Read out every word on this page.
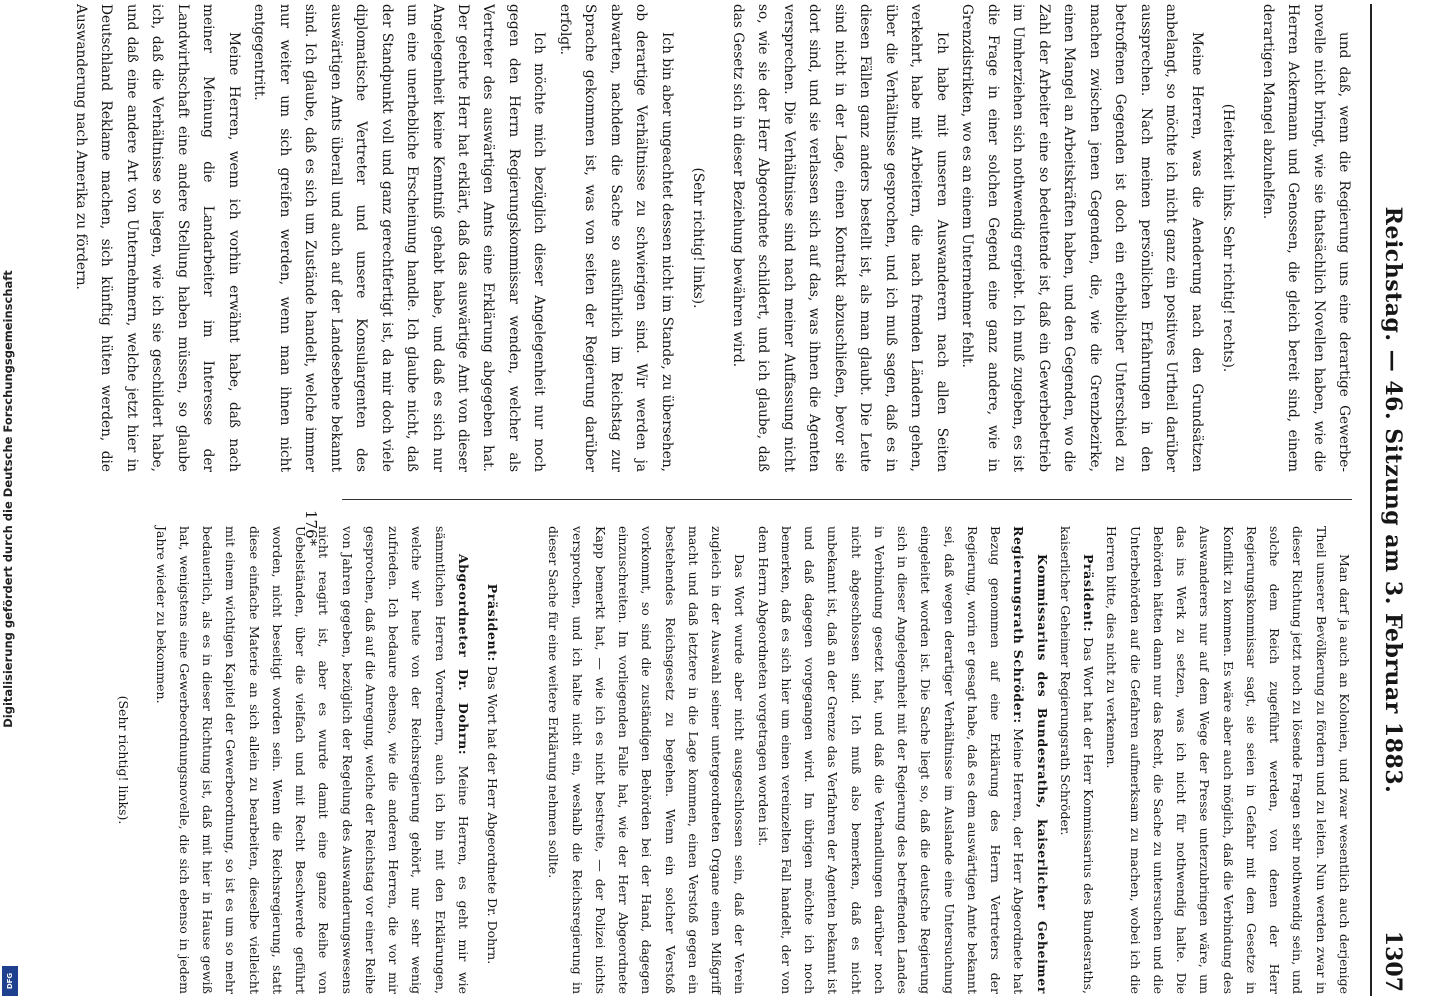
Reichstag. — 46. Sitzung am 3. Februar 1883.
1307

und daß, wenn die Regierung uns eine derartige Gewerbe-novelle nicht bringt, wie sie thatsächlich Novellen haben, wie die Herren Ackermann und Genossen, die gleich bereit sind, einem derartigen Mangel abzuhelfen.

(Heiterkeit links. Sehr richtig! rechts).

Meine Herren, was die Aenderung nach den Grundsätzen anbelangt, so möchte ich nicht ganz ein positives Urtheil darüber aussprechen. Nach meinen persönlichen Erfahrungen in den betroffenen Gegenden ist doch ein erheblicher Unterschied zu machen zwischen jenen Gegenden, die, wie die Grenzbezirke, einen Mangel an Arbeitskräften haben, und den Gegenden, wo die Zahl der Arbeiter eine so bedeutende ist, daß ein Gewerbebetrieb im Umherziehen sich nothwendig ergiebt. Ich muß zugeben, es ist die Frage in einer solchen Gegend eine ganz andere, wie in Grenzdistrikten, wo es an einem Unternehmer fehlt.

Ich habe mit unseren Auswanderern nach allen Seiten verkehrt, habe mit Arbeitern, die nach fremden Ländern gehen, über die Verhältnisse gesprochen, und ich muß sagen, daß es in diesen Fällen ganz anders bestellt ist, als man glaubt. Die Leute sind nicht in der Lage, einen Kontrakt abzuschließen, bevor sie dort sind, und sie verlassen sich auf das, was ihnen die Agenten versprechen. Die Verhältnisse sind nach meiner Auffassung nicht so, wie sie der Herr Abgeordnete schildert, und ich glaube, daß das Gesetz sich in dieser Beziehung bewähren wird.

(Sehr richtig! links).

Ich bin aber ungeachtet dessen nicht im Stande, zu übersehen, ob derartige Verhältnisse zu schwierigen sind. Wir werden ja abwarten, nachdem die Sache so ausführlich im Reichstag zur Sprache gekommen ist, was von seiten der Regierung darüber erfolgt.

Ich möchte mich bezüglich dieser Angelegenheit nur noch gegen den Herrn Regierungskommissar wenden, welcher als Vertreter des auswärtigen Amts eine Erklärung abgegeben hat. Der geehrte Herr hat erklärt, daß das auswärtige Amt von dieser Angelegenheit keine Kenntniß gehabt habe, und daß es sich nur um eine unerhebliche Erscheinung handle. Ich glaube nicht, daß der Standpunkt voll und ganz gerechtfertigt ist, da mir doch viele diplomatische Vertreter und unsere Konsulargenten des auswärtigen Amts überall und auch auf der Landesebene bekannt sind. Ich glaube, daß es sich um Zustände handelt, welche immer nur weiter um sich greifen werden, wenn man ihnen nicht entgegentritt.

Meine Herren, wenn ich vorhin erwähnt habe, daß nach meiner Meinung die Landarbeiter im Interesse der Landwirthschaft eine andere Stellung haben müssen, so glaube ich, daß die Verhältnisse so liegen, wie ich sie geschildert habe, und daß eine andere Art von Unternehmern, welche jetzt hier in Deutschland Reklame machen, sich künftig hüten werden, die Auswanderung nach Amerika zu fördern.

Man darf ja auch an Kolonien, und zwar wesentlich auch derjenige Theil unserer Bevölkerung zu fördern und zu leiten. Nun werden zwar in dieser Richtung jetzt noch zu lösende Fragen sehr nothwendig sein, und solche dem Reich zugeführt werden, von denen der Herr Regierungskommissar sagt, sie seien in Gefahr mit dem Gesetze in Konflikt zu kommen. Es wäre aber auch möglich, daß die Verbindung des Auswanderers nur auf dem Wege der Presse unterzubringen wäre, um das ins Werk zu setzen, was ich nicht für nothwendig halte. Die Behörden hätten dann nur das Recht, die Sache zu untersuchen und die Unterbehörden auf die Gefahren aufmerksam zu machen, wobei ich die Herren bitte, dies nicht zu verkennen.

Präsident: Das Wort hat der Herr Kommissarius des Bundesraths, kaiserlicher Geheimer Regierungsrath Schröder.

Kommissarius des Bundesraths, kaiserlicher Geheimer Regierungsrath Schröder: Meine Herren, der Herr Abgeordnete hat Bezug genommen auf eine Erklärung des Herrn Vertreters der Regierung, worin er gesagt habe, daß es dem auswärtigen Amte bekannt sei, daß wegen derartiger Verhältnisse im Auslande eine Untersuchung eingeleitet worden ist. Die Sache liegt so, daß die deutsche Regierung sich in dieser Angelegenheit mit der Regierung des betreffenden Landes in Verbindung gesetzt hat, und daß die Verhandlungen darüber noch nicht abgeschlossen sind. Ich muß also bemerken, daß es nicht unbekannt ist, daß an der Grenze das Verfahren der Agenten bekannt ist und daß dagegen vorgegangen wird. Im übrigen möchte ich noch bemerken, daß es sich hier um einen vereinzelten Fall handelt, der von dem Herrn Abgeordneten vorgetragen worden ist.

Das Wort wurde aber nicht ausgeschlossen sein, daß der Verein zugleich in der Auswahl seiner untergeordneten Organe einen Mißgriff macht und daß letztere in die Lage kommen, einen Verstoß gegen ein bestehendes Reichsgesetz zu begehen. Wenn ein solcher Verstoß vorkommt, so sind die zuständigen Behörden bei der Hand, dagegen einzuschreiten. Im vorliegenden Falle hat, wie der Herr Abgeordnete Kapp bemerkt hat, — wie ich es nicht bestreite, — der Polizei nichts versprochen, und ich halte nicht ein, weshalb die Reichsregierung in dieser Sache für eine weitere Erklärung nehmen sollte.

Präsident: Das Wort hat der Herr Abgeordnete Dr. Dohrn.

Abgeordneter Dr. Dohrn: Meine Herren, es geht mir wie sämmtlichen Herren Vorrednern, auch ich bin mit den Erklärungen, welche wir heute von der Reichsregierung gehört, nur sehr wenig zufrieden. Ich bedaure ebenso, wie die anderen Herren, die vor mir gesprochen, daß auf die Anregung, welche der Reichstag vor einer Reihe von Jahren gegeben, bezüglich der Regelung des Auswanderungswesens nicht reagirt ist, aber es wurde damit eine ganze Reihe von Uebelständen, über die vielfach und mit Recht Beschwerde geführt worden, nicht beseitigt worden sein. Wenn die Reichsregierung, statt diese einfache Materie an sich allein zu bearbeiten, dieselbe vielleicht mit einem wichtigen Kapitel der Gewerbeordnung, so ist es um so mehr bedauerlich, als es in dieser Richtung ist, daß mit hier in Hause gewiß hat, wenigstens eine Gewerbeordnungsnovelle, die sich ebenso in jedem Jahre wieder zu bekommen.

(Sehr richtig! links).

176*
Digitalisierung gefördert durch die Deutsche Forschungsgemeinschaft
DFG
